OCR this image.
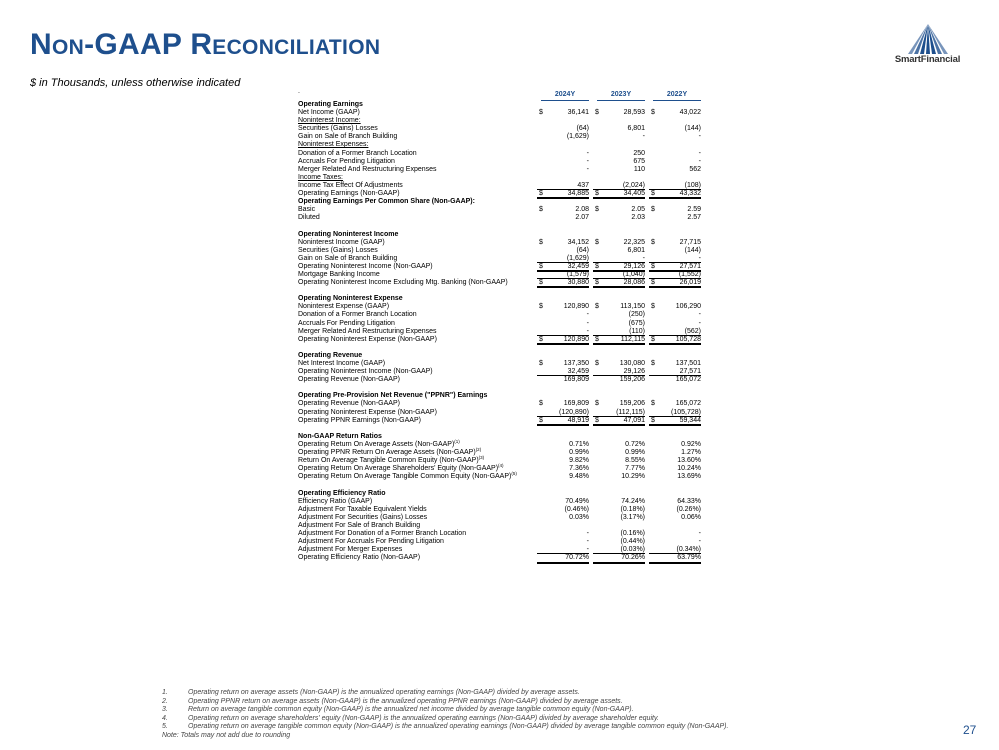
Non-GAAP Reconciliation
$ in Thousands, unless otherwise indicated
SmartFinancial
.	2024Y	2023Y	2022Y
Operating Earnings
Net Income (GAAP)	$	36,141 $	28,593 $	43,022
Noninterest Income:
Securities (Gains) Losses	(64)	6,801	(144)
Gain on Sale of Branch Building	(1,629)	-	-
Noninterest Expenses:
Donation of a Former Branch Location	-	250	-
Accruals For Pending Litigation	-	675	-
Merger Related And Restructuring Expenses	-	110	562
Income Taxes:
Income Tax Effect Of Adjustments	437	(2,024)	(108)
Operating Earnings (Non-GAAP)	$	34,885 $	34,405 $	43,332
Operating Earnings Per Common Share (Non-GAAP):
Basic	$	2.08 $	2.05 $	2.59
Diluted	2.07	2.03	2.57
Operating Noninterest Income
Noninterest Income (GAAP)	$	34,152 $	22,325 $	27,715
Securities (Gains) Losses	(64)	6,801	(144)
Gain on Sale of Branch Building	(1,629)	-	-
Operating Noninterest Income (Non-GAAP)	$	32,459 $	29,126 $	27,571
Mortgage Banking Income	(1,579)	(1,040)	(1,552)
Operating Noninterest Income Excluding Mtg. Banking (Non-GAAP)	$	30,880 $	28,086 $	26,019
Operating Noninterest Expense
Noninterest Expense (GAAP)	$	120,890 $	113,150 $	106,290
Donation of a Former Branch Location	-	(250)	-
Accruals For Pending Litigation	-	(675)	-
Merger Related And Restructuring Expenses	-	(110)	(562)
Operating Noninterest Expense (Non-GAAP)	$	120,890 $	112,115 $	105,728
Operating Revenue
Net Interest Income (GAAP)	$	137,350 $	130,080 $	137,501
Operating Noninterest Income (Non-GAAP)	32,459	29,126	27,571
Operating Revenue (Non-GAAP)	169,809	159,206	165,072
Operating Pre-Provision Net Revenue ("PPNR") Earnings
Operating Revenue (Non-GAAP)	$	169,809 $	159,206 $	165,072
Operating Noninterest Expense (Non-GAAP)	(120,890)	(112,115)	(105,728)
Operating PPNR Earnings (Non-GAAP)	$	48,919 $	47,091 $	59,344
Non-GAAP Return Ratios
Operating Return On Average Assets (Non-GAAP)$^{(1)}$	0.71%	0.72%	0.92%
Operating PPNR Return On Average Assets (Non-GAAP)$^{(2)}$	0.99%	0.99%	1.27%
Return On Average Tangible Common Equity (Non-GAAP)$^{(3)}$	9.82%	8.55%	13.60%
Operating Return On Average Shareholders' Equity (Non-GAAP)$^{(4)}$	7.36%	7.77%	10.24%
Operating Return On Average Tangible Common Equity (Non-GAAP)$^{(5)}$	9.48%	10.29%	13.69%
Operating Efficiency Ratio
Efficiency Ratio (GAAP)	70.49%	74.24%	64.33%
Adjustment For Taxable Equivalent Yields	(0.46%)	(0.18%)	(0.26%)
Adjustment For Securities (Gains) Losses	0.03%	(3.17%)	0.06%
Adjustment For Sale of Branch Building
Adjustment For Donation of a Former Branch Location	-	(0.16%)	-
Adjustment For Accruals For Pending Litigation	-	(0.44%)	-
Adjustment For Merger Expenses	-	(0.03%)	(0.34%)
Operating Efficiency Ratio (Non-GAAP)	70.72%	70.26%	63.79%
1.	Operating return on average assets (Non-GAAP) is the annualized operating earnings (Non-GAAP) divided by average assets.
2.	Operating PPNR return on average assets (Non-GAAP) is the annualized operating PPNR earnings (Non-GAAP) divided by average assets.
3.	Return on average tangible common equity (Non-GAAP) is the annualized net income divided by average tangible common equity (Non-GAAP).
4.	Operating return on average shareholders' equity (Non-GAAP) is the annualized operating earnings (Non-GAAP) divided by average shareholder equity.
5.	Operating return on average tangible common equity (Non-GAAP) is the annualized operating earnings (Non-GAAP) divided by average tangible common equity (Non-GAAP).
Note: Totals may not add due to rounding	27
